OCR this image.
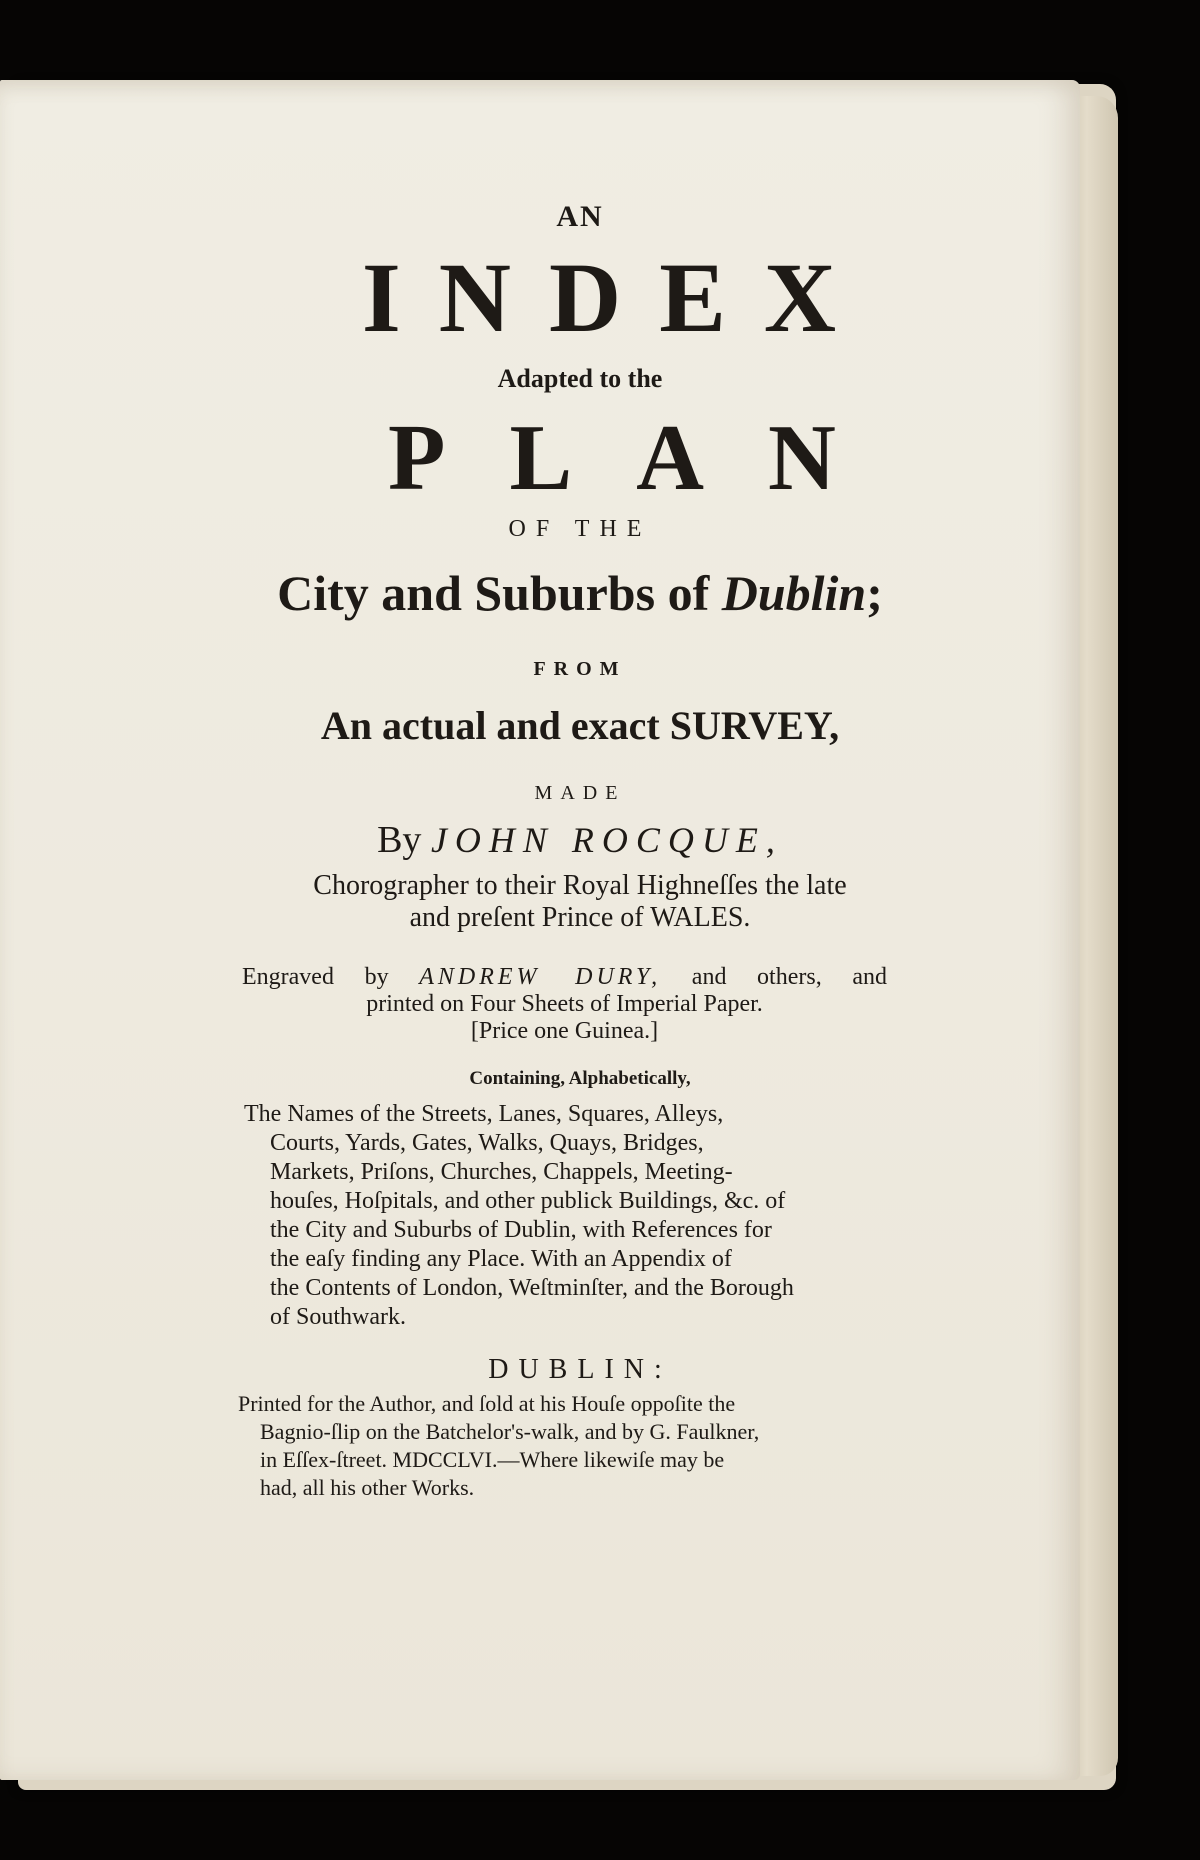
AN
INDEX
Adapted to the
PLAN
OF THE
City and Suburbs of Dublin;
FROM
An actual and exact SURVEY,
MADE
By JOHN ROCQUE,
Chorographer to their Royal Highneſſes the late
and preſent Prince of WALES.
Engraved by ANDREW DURY, and others, and
printed on Four Sheets of Imperial Paper.
[Price one Guinea.]
Containing, Alphabetically,

The Names of the Streets, Lanes, Squares, Alleys,

Courts, Yards, Gates, Walks, Quays, Bridges,

Markets, Priſons, Churches, Chappels, Meeting-

houſes, Hoſpitals, and other publick Buildings, &c. of

the City and Suburbs of Dublin, with References for

the eaſy finding any Place. With an Appendix of

the Contents of London, Weſtminſter, and the Borough

of Southwark.

DUBLIN:
Printed for the Author, and ſold at his Houſe oppoſite the
Bagnio-ſlip on the Batchelor's-walk, and by G. Faulkner,
in Eſſex-ſtreet. MDCCLVI.—Where likewiſe may be
had, all his other Works.
